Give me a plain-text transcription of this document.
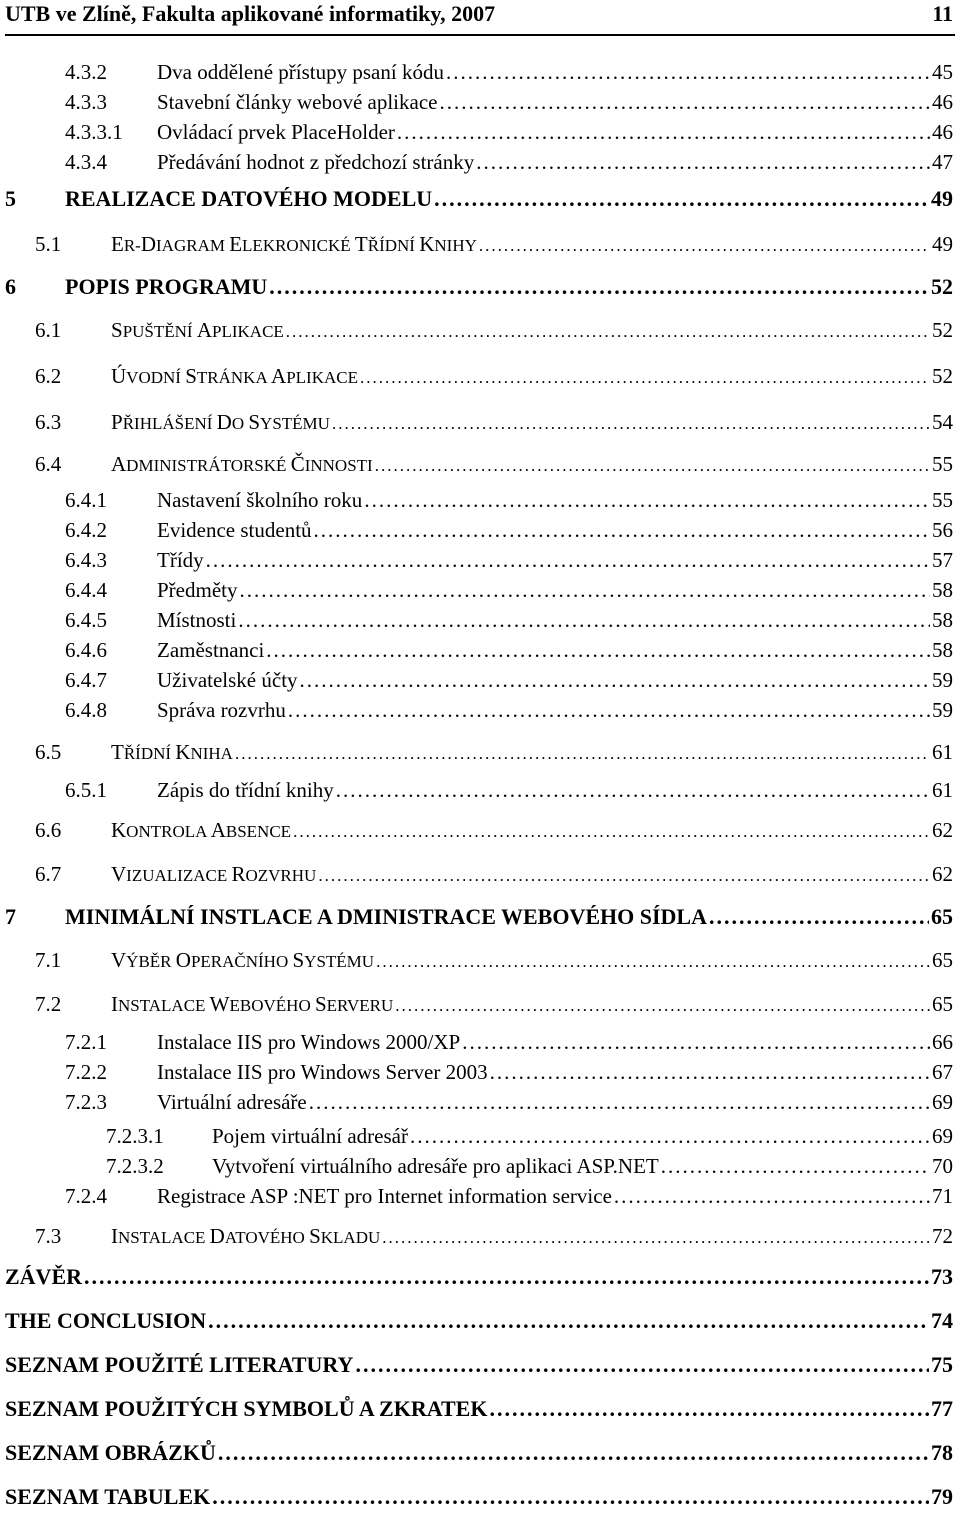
UTB ve Zlíně, Fakulta aplikované informatiky, 2007	11
4.3.2	Dva oddělené přístupy psaní kódu .....	45
4.3.3	Stavební články webové aplikace .....	46
4.3.3.1	Ovládací prvek PlaceHolder .....	46
4.3.4	Předávání hodnot z předchozí stránky .....	47
5	REALIZACE DATOVÉHO MODELU .....	49
5.1	ER-DIAGRAM ELEKRONICKÉ TŘÍDNÍ KNIHY .....	49
6	POPIS PROGRAMU .....	52
6.1	SPUŠTĚNÍ APLIKACE .....	52
6.2	ÚVODNÍ STRÁNKA APLIKACE .....	52
6.3	PŘIHLÁŠENÍ DO SYSTÉMU .....	54
6.4	ADMINISTRÁTORSKÉ ČINNOSTI .....	55
6.4.1	Nastavení školního roku .....	55
6.4.2	Evidence studentů .....	56
6.4.3	Třídy .....	57
6.4.4	Předměty .....	58
6.4.5	Místnosti .....	58
6.4.6	Zaměstnanci .....	58
6.4.7	Uživatelské účty .....	59
6.4.8	Správa rozvrhu .....	59
6.5	TŘÍDNÍ KNIHA .....	61
6.5.1	Zápis do třídní knihy .....	61
6.6	KONTROLA ABSENCE .....	62
6.7	VIZUALIZACE ROZVRHU .....	62
7	MINIMÁLNÍ INSTLACE A DMINISTRACE WEBOVÉHO SÍDLA .....	65
7.1	VÝBĚR OPERAČNÍHO SYSTÉMU .....	65
7.2	INSTALACE WEBOVÉHO SERVERU .....	65
7.2.1	Instalace IIS pro Windows 2000/XP .....	66
7.2.2	Instalace IIS pro Windows Server 2003 .....	67
7.2.3	Virtuální adresáře .....	69
7.2.3.1	Pojem virtuální adresář .....	69
7.2.3.2	Vytvoření virtuálního adresáře pro aplikaci ASP.NET .....	70
7.2.4	Registrace ASP :NET pro Internet information service .....	71
7.3	INSTALACE DATOVÉHO SKLADU .....	72
ZÁVĚR .....	73
THE CONCLUSION .....	74
SEZNAM POUŽITÉ LITERATURY .....	75
SEZNAM POUŽITÝCH SYMBOLŮ A ZKRATEK .....	77
SEZNAM OBRÁZKŮ .....	78
SEZNAM TABULEK .....	79
